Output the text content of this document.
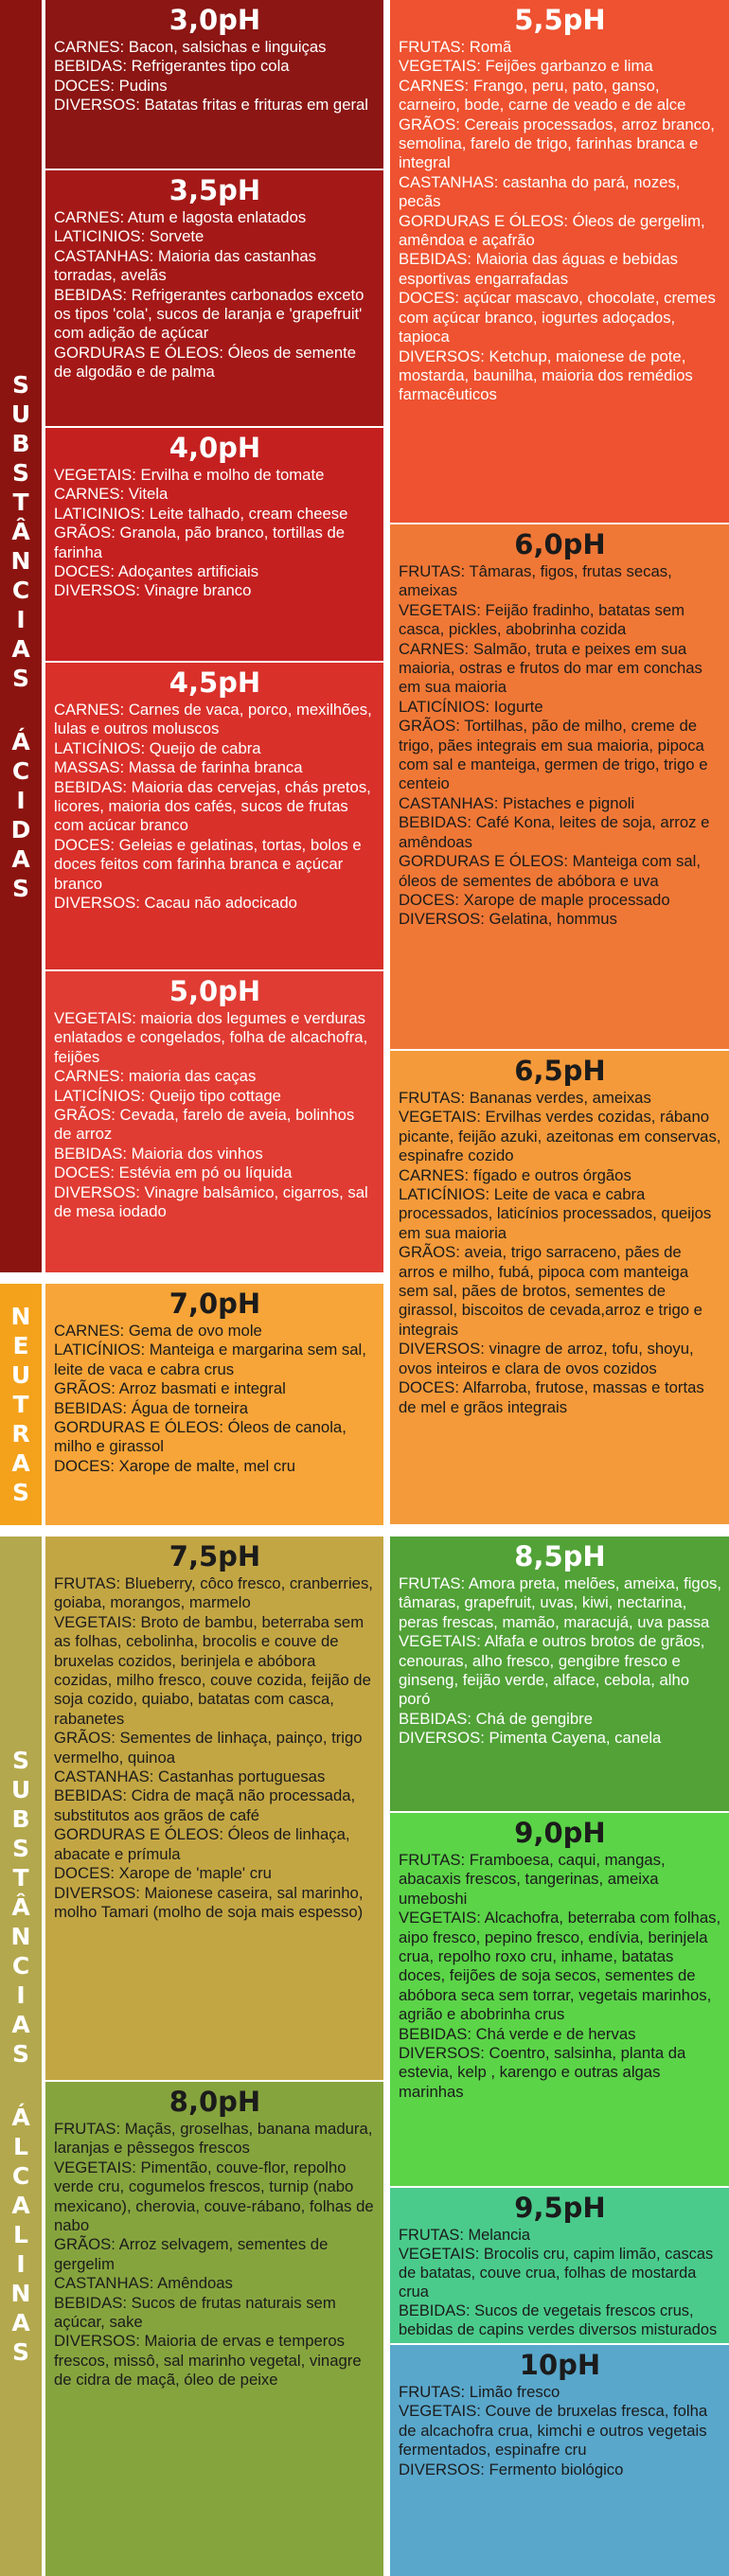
S
U
B
S
T
Â
N
C
I
A
S
Á
C
I
D
A
S
N
E
U
T
R
A
S
S
U
B
S
T
Â
N
C
I
A
S
Á
L
C
A
L
I
N
A
S
3,0pH
CARNES: Bacon, salsichas e linguiças
BEBIDAS: Refrigerantes tipo cola
DOCES: Pudins
DIVERSOS: Batatas fritas e frituras em geral
3,5pH
CARNES: Atum e lagosta enlatados
LATICINIOS: Sorvete
CASTANHAS: Maioria das castanhas torradas, avelãs
BEBIDAS: Refrigerantes carbonados exceto os tipos 'cola', sucos de laranja e 'grapefruit' com adição de açúcar
GORDURAS E ÓLEOS: Óleos de semente de algodão e de palma
4,0pH
VEGETAIS: Ervilha e molho de tomate
CARNES: Vitela
LATICINIOS: Leite talhado, cream cheese
GRÃOS: Granola, pão branco, tortillas de farinha
DOCES: Adoçantes artificiais
DIVERSOS: Vinagre branco
4,5pH
CARNES: Carnes de vaca, porco, mexilhões, lulas e outros moluscos
LATICÍNIOS: Queijo de cabra
MASSAS: Massa de farinha branca
BEBIDAS: Maioria das cervejas, chás pretos, licores, maioria dos cafés, sucos de frutas com acúcar branco
DOCES: Geleias e gelatinas, tortas, bolos e doces feitos com farinha branca e açúcar branco
DIVERSOS: Cacau não adocicado
5,0pH
VEGETAIS: maioria dos legumes e verduras enlatados e congelados, folha de alcachofra, feijões
CARNES: maioria das caças
LATICÍNIOS: Queijo tipo cottage
GRÃOS: Cevada, farelo de aveia, bolinhos de arroz
BEBIDAS: Maioria dos vinhos
DOCES: Estévia em pó ou líquida
DIVERSOS: Vinagre balsâmico, cigarros, sal de mesa iodado
5,5pH
FRUTAS: Romã
VEGETAIS: Feijões garbanzo e lima
CARNES: Frango, peru, pato, ganso, carneiro, bode, carne de veado e de alce
GRÃOS: Cereais processados, arroz branco, semolina, farelo de trigo, farinhas branca e integral
CASTANHAS: castanha do pará, nozes, pecãs
GORDURAS E ÓLEOS: Óleos de gergelim, amêndoa e açafrão
BEBIDAS: Maioria das águas e bebidas esportivas engarrafadas
DOCES: açúcar mascavo, chocolate, cremes com açúcar branco, iogurtes adoçados, tapioca
DIVERSOS: Ketchup, maionese de pote, mostarda, baunilha, maioria dos remédios farmacêuticos
6,0pH
FRUTAS: Tâmaras, figos, frutas secas, ameixas
VEGETAIS: Feijão fradinho, batatas sem casca, pickles, abobrinha cozida
CARNES: Salmão, truta e peixes em sua maioria, ostras e frutos do mar em conchas em sua maioria
LATICÍNIOS: Iogurte
GRÃOS: Tortilhas, pão de milho, creme de trigo, pães integrais em sua maioria, pipoca com sal e manteiga, germen de trigo, trigo e centeio
CASTANHAS: Pistaches e pignoli
BEBIDAS: Café Kona, leites de soja, arroz e amêndoas
GORDURAS E ÓLEOS: Manteiga com sal, óleos de sementes de abóbora e uva
DOCES: Xarope de maple processado
DIVERSOS: Gelatina, hommus
6,5pH
FRUTAS: Bananas verdes, ameixas
VEGETAIS: Ervilhas verdes cozidas, rábano picante, feijão azuki, azeitonas em conservas, espinafre cozido
CARNES: fígado e outros órgãos
LATICÍNIOS: Leite de vaca e cabra processados, laticínios processados, queijos em sua maioria
GRÃOS: aveia, trigo sarraceno, pães de arros e milho, fubá, pipoca com manteiga sem sal, pães de brotos, sementes de girassol, biscoitos de cevada,arroz e trigo e integrais
DIVERSOS: vinagre de arroz, tofu, shoyu, ovos inteiros e clara de ovos cozidos
DOCES: Alfarroba, frutose, massas e tortas de mel e grãos integrais
7,0pH
CARNES: Gema de ovo mole
LATICÍNIOS: Manteiga e margarina sem sal, leite de vaca e cabra crus
GRÃOS: Arroz basmati e integral
BEBIDAS: Água de torneira
GORDURAS E ÓLEOS: Óleos de canola, milho e girassol
DOCES: Xarope de malte, mel cru
7,5pH
FRUTAS: Blueberry, côco fresco, cranberries, goiaba, morangos, marmelo
VEGETAIS: Broto de bambu, beterraba sem as folhas, cebolinha, brocolis e couve de bruxelas cozidos, berinjela e abóbora cozidas, milho fresco, couve cozida, feijão de soja cozido, quiabo, batatas com casca, rabanetes
GRÃOS: Sementes de linhaça, painço, trigo vermelho, quinoa
CASTANHAS: Castanhas portuguesas
BEBIDAS: Cidra de maçã não processada, substitutos aos grãos de café
GORDURAS E ÓLEOS: Óleos de linhaça, abacate e prímula
DOCES: Xarope de 'maple' cru
DIVERSOS: Maionese caseira, sal marinho, molho Tamari (molho de soja mais espesso)
8,0pH
FRUTAS: Maçãs, groselhas, banana madura, laranjas e pêssegos frescos
VEGETAIS: Pimentão, couve-flor, repolho verde cru, cogumelos frescos, turnip (nabo mexicano), cherovia, couve-rábano, folhas de nabo
GRÃOS: Arroz selvagem, sementes de gergelim
CASTANHAS: Amêndoas
BEBIDAS: Sucos de frutas naturais sem açúcar, sake
DIVERSOS: Maioria de ervas e temperos frescos, missô, sal marinho vegetal, vinagre de cidra de maçã, óleo de peixe
8,5pH
FRUTAS: Amora preta, melões, ameixa, figos, tâmaras, grapefruit, uvas, kiwi, nectarina, peras frescas, mamão, maracujá, uva passa
VEGETAIS: Alfafa e outros brotos de grãos, cenouras, alho fresco, gengibre fresco e ginseng, feijão verde, alface, cebola, alho poró
BEBIDAS: Chá de gengibre
DIVERSOS: Pimenta Cayena, canela
9,0pH
FRUTAS: Framboesa, caqui, mangas, abacaxis frescos, tangerinas, ameixa umeboshi
VEGETAIS: Alcachofra, beterraba com folhas, aipo fresco, pepino fresco, endívia, berinjela crua, repolho roxo cru, inhame, batatas doces, feijões de soja secos, sementes de abóbora seca sem torrar, vegetais marinhos, agrião e abobrinha crus
BEBIDAS: Chá verde e de hervas
DIVERSOS: Coentro, salsinha, planta da estevia, kelp , karengo e outras algas marinhas
9,5pH
FRUTAS: Melancia
VEGETAIS: Brocolis cru, capim limão, cascas de batatas, couve crua, folhas de mostarda crua
BEBIDAS: Sucos de vegetais frescos crus, bebidas de capins verdes diversos misturados
10pH
FRUTAS: Limão fresco
VEGETAIS: Couve de bruxelas fresca, folha de alcachofra crua, kimchi e outros vegetais fermentados, espinafre cru
DIVERSOS: Fermento biológico
